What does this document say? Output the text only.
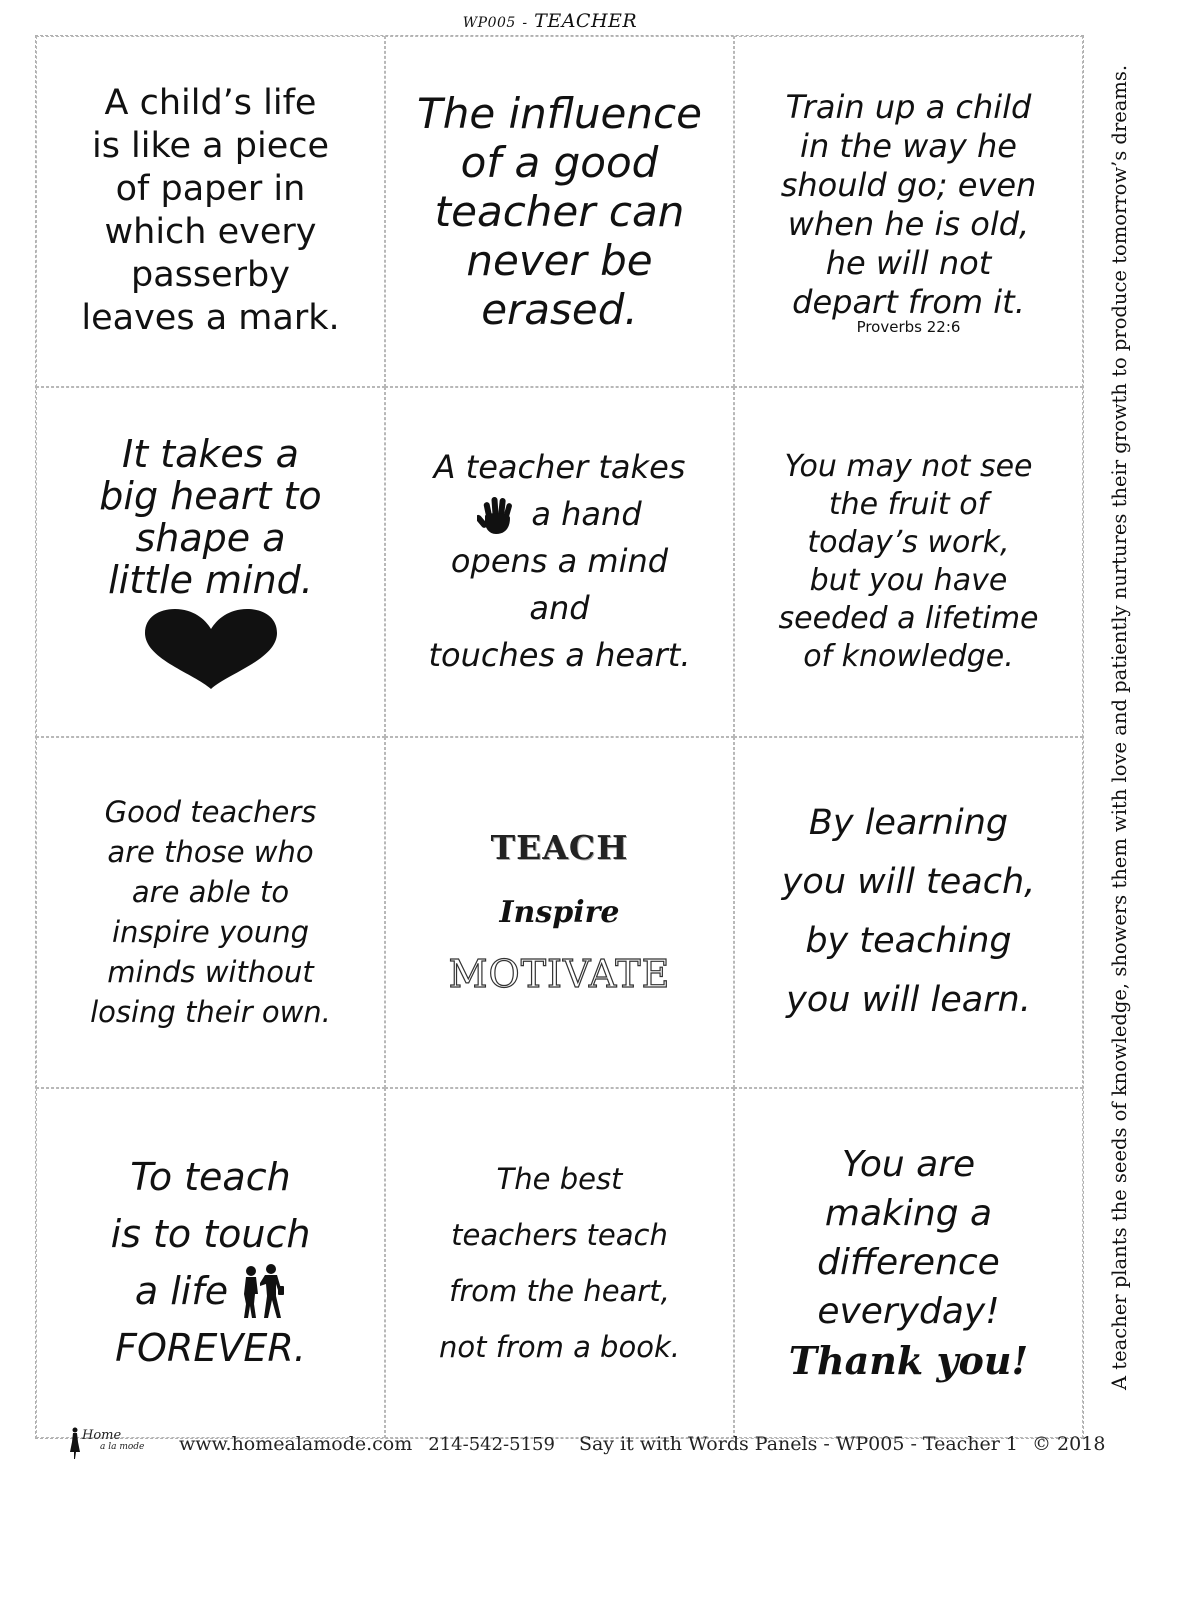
WP005 - TEACHER

A child’s life
is like a piece
of paper in
which every
passerby
leaves a mark.

The influence
of a good
teacher can
never be
erased.

Train up a child
in the way he
should go; even
when he is old,
he will not
depart from it.

Proverbs 22:6

It takes a
big heart to
shape a
little mind.

A teacher takes

a hand

opens a mind
and
touches a heart.

You may not see
the fruit of
today’s work,
but you have
seeded a lifetime
of knowledge.

Good teachers
are those who
are able to
inspire young
minds without
losing their own.

TEACH
Inspire
MOTIVATE

By learning
you will teach,
by teaching
you will learn.

To teach

is to touch

a life

FOREVER.

The best
teachers teach
from the heart,
not from a book.

You are
making a
difference
everyday!

Thank you!	A teacher plants the seeds of knowledge, showers them with love and patiently nurtures their growth to produce tomorrow’s dreams.
Home
a la mode www.homealamode.com 214-542-5159 Say it with Words Panels - WP005 - Teacher 1 © 2018
